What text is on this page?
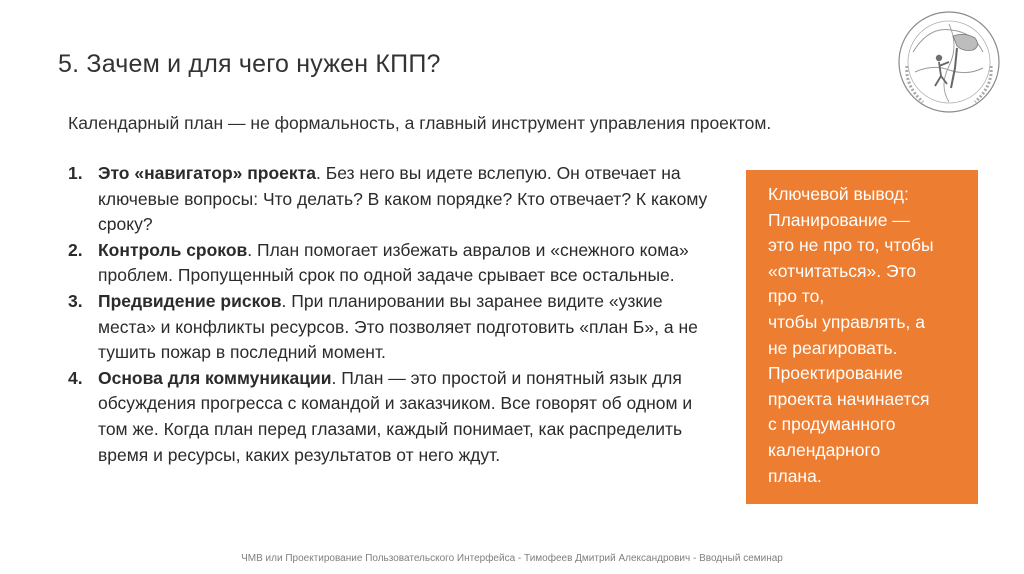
5. Зачем и для чего нужен КПП?
Календарный план — не формальность, а главный инструмент управления проектом.
1. Это «навигатор» проекта. Без него вы идете вслепую. Он отвечает на ключевые вопросы: Что делать? В каком порядке? Кто отвечает? К какому сроку?
2. Контроль сроков. План помогает избежать авралов и «снежного кома» проблем. Пропущенный срок по одной задаче срывает все остальные.
3. Предвидение рисков. При планировании вы заранее видите «узкие места» и конфликты ресурсов. Это позволяет подготовить «план Б», а не тушить пожар в последний момент.
4. Основа для коммуникации. План — это простой и понятный язык для обсуждения прогресса с командой и заказчиком. Все говорят об одном и том же. Когда план перед глазами, каждый понимает, как распределить время и ресурсы, каких результатов от него ждут.
Ключевой вывод:
Планирование —
это не про то, чтобы
«отчитаться». Это
про то,
чтобы управлять, а
не реагировать.
Проектирование
проекта начинается
с продуманного
календарного
плана.
ЧМВ или Проектирование Пользовательского Интерфейса - Тимофеев Дмитрий Александрович - Вводный семинар
